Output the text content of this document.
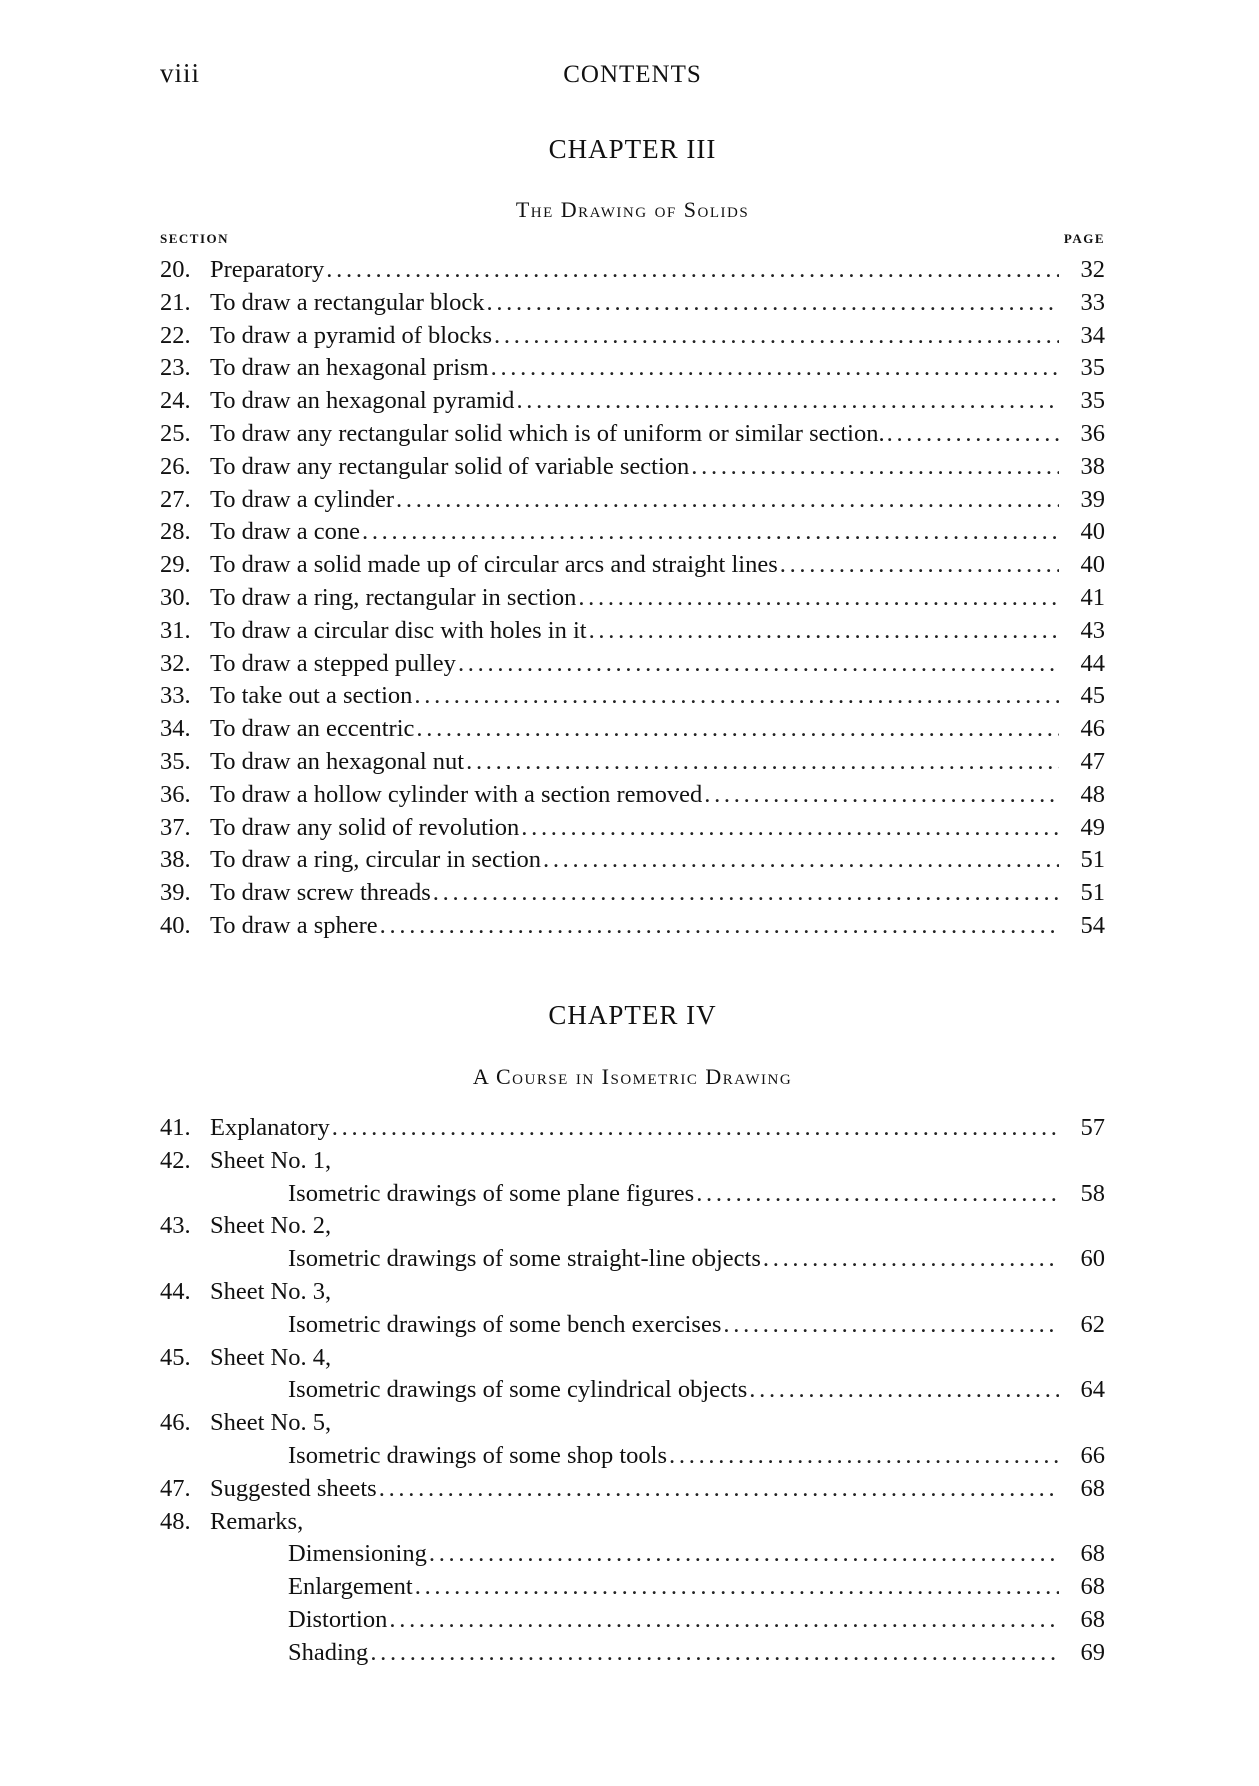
viii	CONTENTS
CHAPTER III
The Drawing of Solids
SECTION	PAGE
20. Preparatory . . .	32
21. To draw a rectangular block . . .	33
22. To draw a pyramid of blocks . . .	34
23. To draw an hexagonal prism . . .	35
24. To draw an hexagonal pyramid . . .	35
25. To draw any rectangular solid which is of uniform or similar section. . . .	36
26. To draw any rectangular solid of variable section . . .	38
27. To draw a cylinder . . .	39
28. To draw a cone . . .	40
29. To draw a solid made up of circular arcs and straight lines . . .	40
30. To draw a ring, rectangular in section . . .	41
31. To draw a circular disc with holes in it . . .	43
32. To draw a stepped pulley . . .	44
33. To take out a section . . .	45
34. To draw an eccentric . . .	46
35. To draw an hexagonal nut . . .	47
36. To draw a hollow cylinder with a section removed . . .	48
37. To draw any solid of revolution . . .	49
38. To draw a ring, circular in section . . .	51
39. To draw screw threads . . .	51
40. To draw a sphere . . .	54
CHAPTER IV
A Course in Isometric Drawing
41. Explanatory . . .	57
42. Sheet No. 1,
Isometric drawings of some plane figures . . .	58
43. Sheet No. 2,
Isometric drawings of some straight-line objects . . .	60
44. Sheet No. 3,
Isometric drawings of some bench exercises . . .	62
45. Sheet No. 4,
Isometric drawings of some cylindrical objects . . .	64
46. Sheet No. 5,
Isometric drawings of some shop tools . . .	66
47. Suggested sheets . . .	68
48. Remarks,
Dimensioning . . .	68
Enlargement . . .	68
Distortion . . .	68
Shading . . .	69
